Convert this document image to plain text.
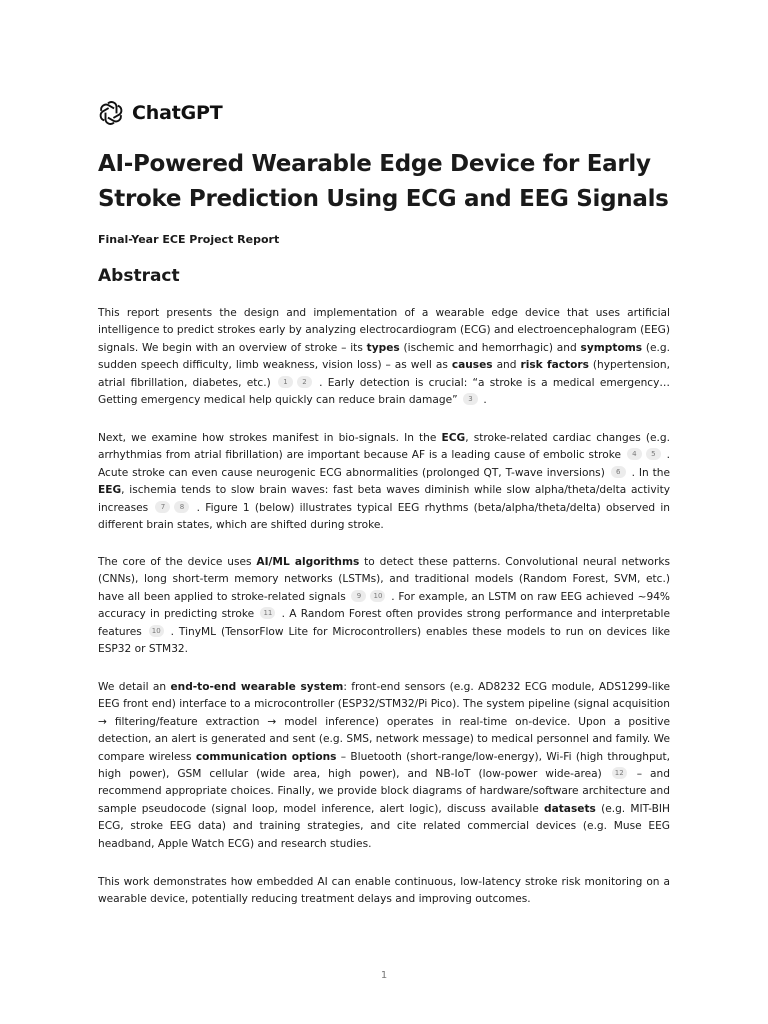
ChatGPT
AI-Powered Wearable Edge Device for Early Stroke Prediction Using ECG and EEG Signals

Final-Year ECE Project Report

Abstract

This report presents the design and implementation of a wearable edge device that uses artificial intelligence to predict strokes early by analyzing electrocardiogram (ECG) and electroencephalogram (EEG) signals. We begin with an overview of stroke – its types (ischemic and hemorrhagic) and symptoms (e.g. sudden speech difficulty, limb weakness, vision loss) – as well as causes and risk factors (hypertension, atrial fibrillation, diabetes, etc.) 1 2 . Early detection is crucial: “a stroke is a medical emergency… Getting emergency medical help quickly can reduce brain damage” 3 .

Next, we examine how strokes manifest in bio-signals. In the ECG, stroke-related cardiac changes (e.g. arrhythmias from atrial fibrillation) are important because AF is a leading cause of embolic stroke 4 5 . Acute stroke can even cause neurogenic ECG abnormalities (prolonged QT, T-wave inversions) 6 . In the EEG, ischemia tends to slow brain waves: fast beta waves diminish while slow alpha/theta/delta activity increases 7 8 . Figure 1 (below) illustrates typical EEG rhythms (beta/alpha/theta/delta) observed in different brain states, which are shifted during stroke.

The core of the device uses AI/ML algorithms to detect these patterns. Convolutional neural networks (CNNs), long short-term memory networks (LSTMs), and traditional models (Random Forest, SVM, etc.) have all been applied to stroke-related signals 9 10 . For example, an LSTM on raw EEG achieved ~94% accuracy in predicting stroke 11 . A Random Forest often provides strong performance and interpretable features 10 . TinyML (TensorFlow Lite for Microcontrollers) enables these models to run on devices like ESP32 or STM32.

We detail an end-to-end wearable system: front-end sensors (e.g. AD8232 ECG module, ADS1299-like EEG front end) interface to a microcontroller (ESP32/STM32/Pi Pico). The system pipeline (signal acquisition → filtering/feature extraction → model inference) operates in real-time on-device. Upon a positive detection, an alert is generated and sent (e.g. SMS, network message) to medical personnel and family. We compare wireless communication options – Bluetooth (short-range/low-energy), Wi-Fi (high throughput, high power), GSM cellular (wide area, high power), and NB-IoT (low-power wide-area) 12 – and recommend appropriate choices. Finally, we provide block diagrams of hardware/software architecture and sample pseudocode (signal loop, model inference, alert logic), discuss available datasets (e.g. MIT-BIH ECG, stroke EEG data) and training strategies, and cite related commercial devices (e.g. Muse EEG headband, Apple Watch ECG) and research studies.

This work demonstrates how embedded AI can enable continuous, low-latency stroke risk monitoring on a wearable device, potentially reducing treatment delays and improving outcomes.

1
